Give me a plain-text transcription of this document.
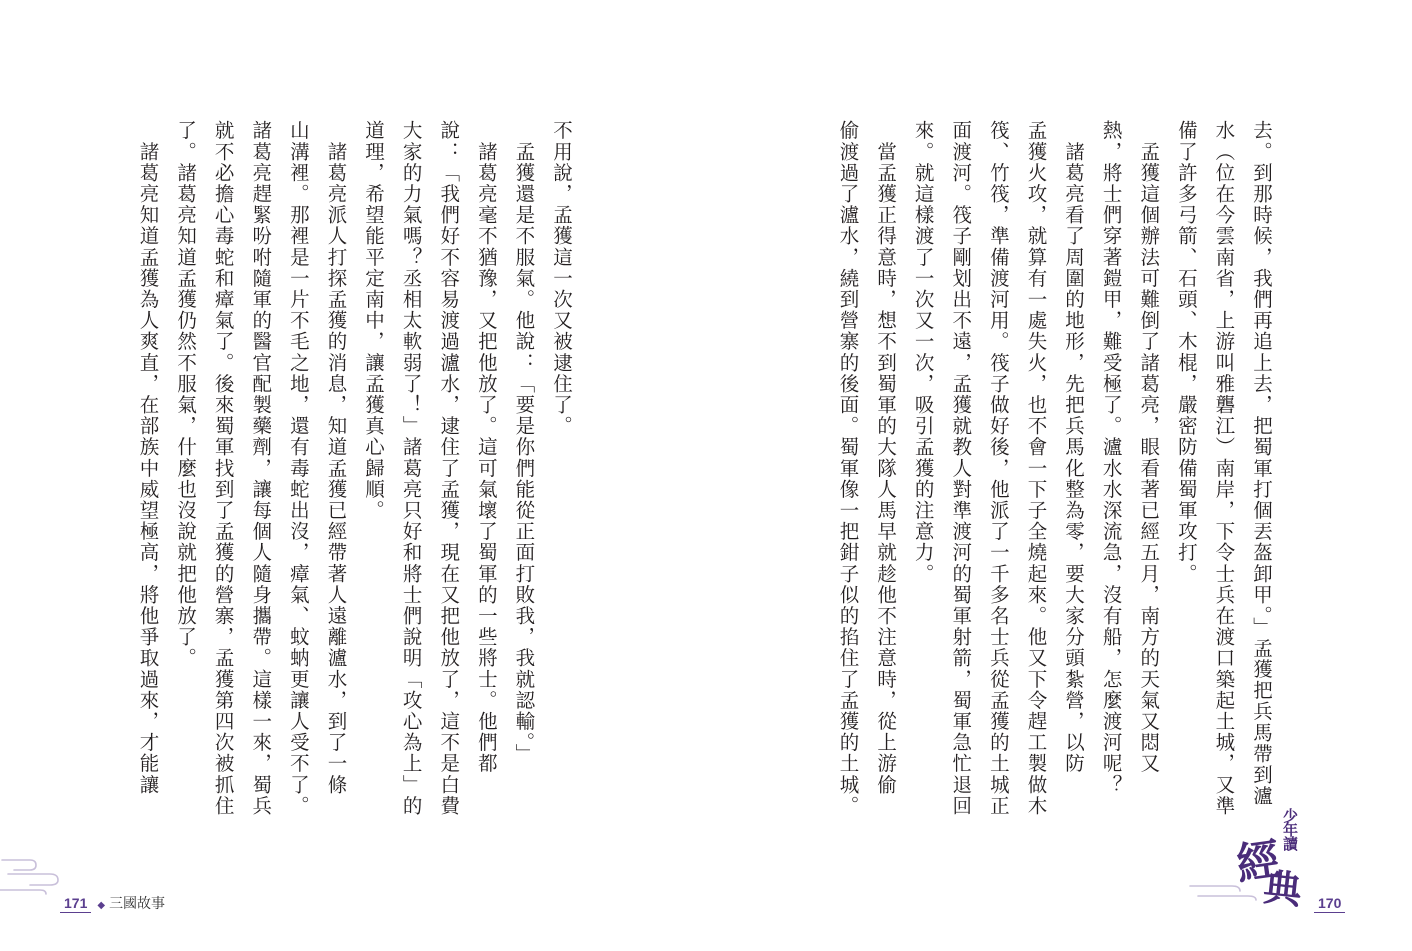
去。到那時候，我們再追上去，把蜀軍打個丟盔卸甲。」孟獲把兵馬帶到瀘
水（位在今雲南省，上游叫雅礱江）南岸，下令士兵在渡口築起土城，又準
備了許多弓箭、石頭、木棍，嚴密防備蜀軍攻打。
　孟獲這個辦法可難倒了諸葛亮，眼看著已經五月，南方的天氣又悶又
熱，將士們穿著鎧甲，難受極了。瀘水水深流急，沒有船，怎麼渡河呢？
　諸葛亮看了周圍的地形，先把兵馬化整為零，要大家分頭紮營，以防
孟獲火攻，就算有一處失火，也不會一下子全燒起來。他又下令趕工製做木
筏、竹筏，準備渡河用。筏子做好後，他派了一千多名士兵從孟獲的土城正
面渡河。筏子剛划出不遠，孟獲就教人對準渡河的蜀軍射箭，蜀軍急忙退回
來。就這樣渡了一次又一次，吸引孟獲的注意力。
　當孟獲正得意時，想不到蜀軍的大隊人馬早就趁他不注意時，從上游偷
偷渡過了瀘水，繞到營寨的後面。蜀軍像一把鉗子似的掐住了孟獲的土城。
不用說，孟獲這一次又被逮住了。
　孟獲還是不服氣。他說：「要是你們能從正面打敗我，我就認輸。」
　諸葛亮毫不猶豫，又把他放了。這可氣壞了蜀軍的一些將士。他們都
說：「我們好不容易渡過瀘水，逮住了孟獲，現在又把他放了，這不是白費
大家的力氣嗎？丞相太軟弱了！」諸葛亮只好和將士們說明「攻心為上」的
道理，希望能平定南中，讓孟獲真心歸順。
　諸葛亮派人打探孟獲的消息，知道孟獲已經帶著人遠離瀘水，到了一條
山溝裡。那裡是一片不毛之地，還有毒蛇出沒，瘴氣、蚊蚋更讓人受不了。
諸葛亮趕緊吩咐隨軍的醫官配製藥劑，讓每個人隨身攜帶。這樣一來，蜀兵
就不必擔心毒蛇和瘴氣了。後來蜀軍找到了孟獲的營寨，孟獲第四次被抓住
了。諸葛亮知道孟獲仍然不服氣，什麼也沒說就把他放了。
　諸葛亮知道孟獲為人爽直，在部族中威望極高，將他爭取過來，才能讓
171 ◆ 三國故事
少年讀
經
典 170
